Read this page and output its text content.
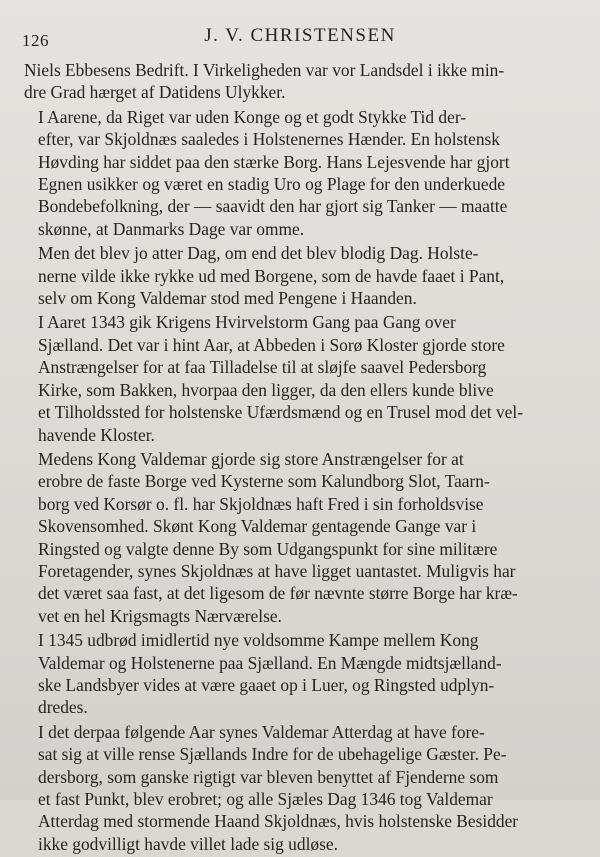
126	J. V. CHRISTENSEN

Niels Ebbesens Bedrift. I Virkeligheden var vor Landsdel i ikke min-
dre Grad hærget af Datidens Ulykker.

I Aarene, da Riget var uden Konge og et godt Stykke Tid der-
efter, var Skjoldnæs saaledes i Holstenernes Hænder. En holstensk
Høvding har siddet paa den stærke Borg. Hans Lejesvende har gjort
Egnen usikker og været en stadig Uro og Plage for den underkuede
Bondebefolkning, der — saavidt den har gjort sig Tanker — maatte
skønne, at Danmarks Dage var omme.

Men det blev jo atter Dag, om end det blev blodig Dag. Holste-
nerne vilde ikke rykke ud med Borgene, som de havde faaet i Pant,
selv om Kong Valdemar stod med Pengene i Haanden.

I Aaret 1343 gik Krigens Hvirvelstorm Gang paa Gang over
Sjælland. Det var i hint Aar, at Abbeden i Sorø Kloster gjorde store
Anstrængelser for at faa Tilladelse til at sløjfe saavel Pedersborg
Kirke, som Bakken, hvorpaa den ligger, da den ellers kunde blive
et Tilholdssted for holstenske Ufærdsmænd og en Trusel mod det vel-
havende Kloster.

Medens Kong Valdemar gjorde sig store Anstrængelser for at
erobre de faste Borge ved Kysterne som Kalundborg Slot, Taarn-
borg ved Korsør o. fl. har Skjoldnæs haft Fred i sin forholdsvise
Skovensomhed. Skønt Kong Valdemar gentagende Gange var i
Ringsted og valgte denne By som Udgangspunkt for sine militære
Foretagender, synes Skjoldnæs at have ligget uantastet. Muligvis har
det været saa fast, at det ligesom de før nævnte større Borge har kræ-
vet en hel Krigsmagts Nærværelse.

I 1345 udbrød imidlertid nye voldsomme Kampe mellem Kong
Valdemar og Holstenerne paa Sjælland. En Mængde midtsjælland-
ske Landsbyer vides at være gaaet op i Luer, og Ringsted udplyn-
dredes.

I det derpaa følgende Aar synes Valdemar Atterdag at have fore-
sat sig at ville rense Sjællands Indre for de ubehagelige Gæster. Pe-
dersborg, som ganske rigtigt var bleven benyttet af Fjenderne som
et fast Punkt, blev erobret; og alle Sjæles Dag 1346 tog Valdemar
Atterdag med stormende Haand Skjoldnæs, hvis holstenske Besidder
ikke godvilligt havde villet lade sig udløse.
